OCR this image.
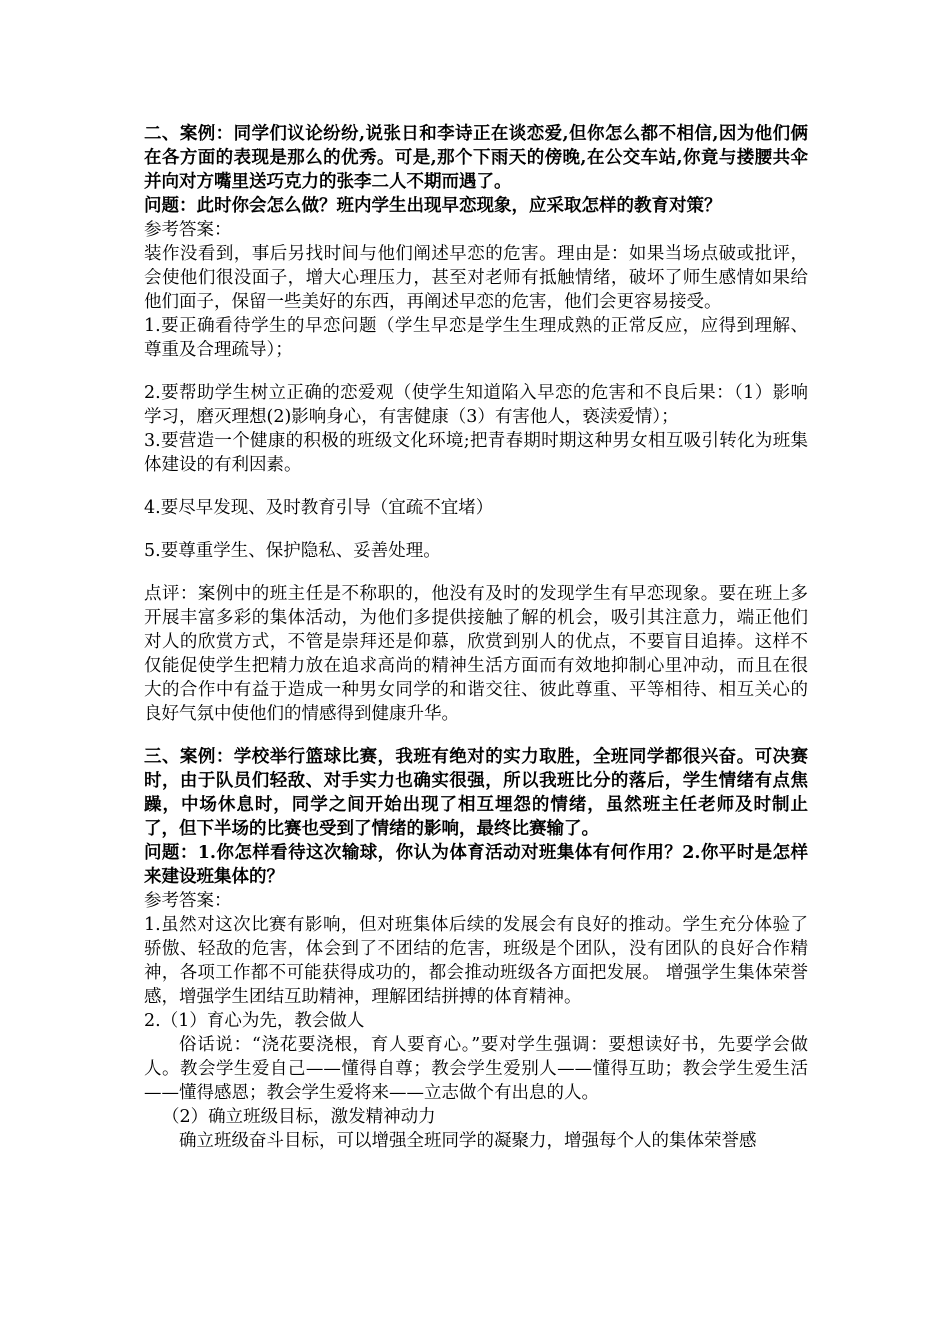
二、案例：同学们议论纷纷,说张日和李诗正在谈恋爱,但你怎么都不相信,因为他们俩在各方面的表现是那么的优秀。可是,那个下雨天的傍晚,在公交车站,你竟与搂腰共伞并向对方嘴里送巧克力的张李二人不期而遇了。

问题：此时你会怎么做？班内学生出现早恋现象，应采取怎样的教育对策？

参考答案：

装作没看到，事后另找时间与他们阐述早恋的危害。理由是：如果当场点破或批评，会使他们很没面子，增大心理压力，甚至对老师有抵触情绪，破坏了师生感情如果给他们面子，保留一些美好的东西，再阐述早恋的危害，他们会更容易接受。

1.要正确看待学生的早恋问题（学生早恋是学生生理成熟的正常反应，应得到理解、尊重及合理疏导）；

2.要帮助学生树立正确的恋爱观（使学生知道陷入早恋的危害和不良后果：（1）影响学习，磨灭理想(2)影响身心，有害健康（3）有害他人，亵渎爱情）；

3.要营造一个健康的积极的班级文化环境;把青春期时期这种男女相互吸引转化为班集体建设的有利因素。

4.要尽早发现、及时教育引导（宜疏不宜堵）

5.要尊重学生、保护隐私、妥善处理。

点评：案例中的班主任是不称职的，他没有及时的发现学生有早恋现象。要在班上多开展丰富多彩的集体活动，为他们多提供接触了解的机会，吸引其注意力，端正他们对人的欣赏方式，不管是崇拜还是仰慕，欣赏到别人的优点，不要盲目追捧。这样不仅能促使学生把精力放在追求高尚的精神生活方面而有效地抑制心里冲动，而且在很大的合作中有益于造成一种男女同学的和谐交往、彼此尊重、平等相待、相互关心的良好气氛中使他们的情感得到健康升华。

三、案例：学校举行篮球比赛，我班有绝对的实力取胜，全班同学都很兴奋。可决赛时，由于队员们轻敌、对手实力也确实很强，所以我班比分的落后，学生情绪有点焦躁，中场休息时，同学之间开始出现了相互埋怨的情绪，虽然班主任老师及时制止了，但下半场的比赛也受到了情绪的影响，最终比赛输了。

问题：1.你怎样看待这次输球，你认为体育活动对班集体有何作用？2.你平时是怎样来建设班集体的？

参考答案：

1.虽然对这次比赛有影响，但对班集体后续的发展会有良好的推动。学生充分体验了骄傲、轻敌的危害，体会到了不团结的危害，班级是个团队，没有团队的良好合作精神，各项工作都不可能获得成功的，都会推动班级各方面把发展。 增强学生集体荣誉感，增强学生团结互助精神，理解团结拼搏的体育精神。

2.（1）育心为先，教会做人

俗话说：“浇花要浇根，育人要育心。”要对学生强调：要想读好书，先要学会做人。教会学生爱自己——懂得自尊；教会学生爱别人——懂得互助；教会学生爱生活——懂得感恩；教会学生爱将来——立志做个有出息的人。

（2）确立班级目标，激发精神动力

确立班级奋斗目标，可以增强全班同学的凝聚力，增强每个人的集体荣誉感
